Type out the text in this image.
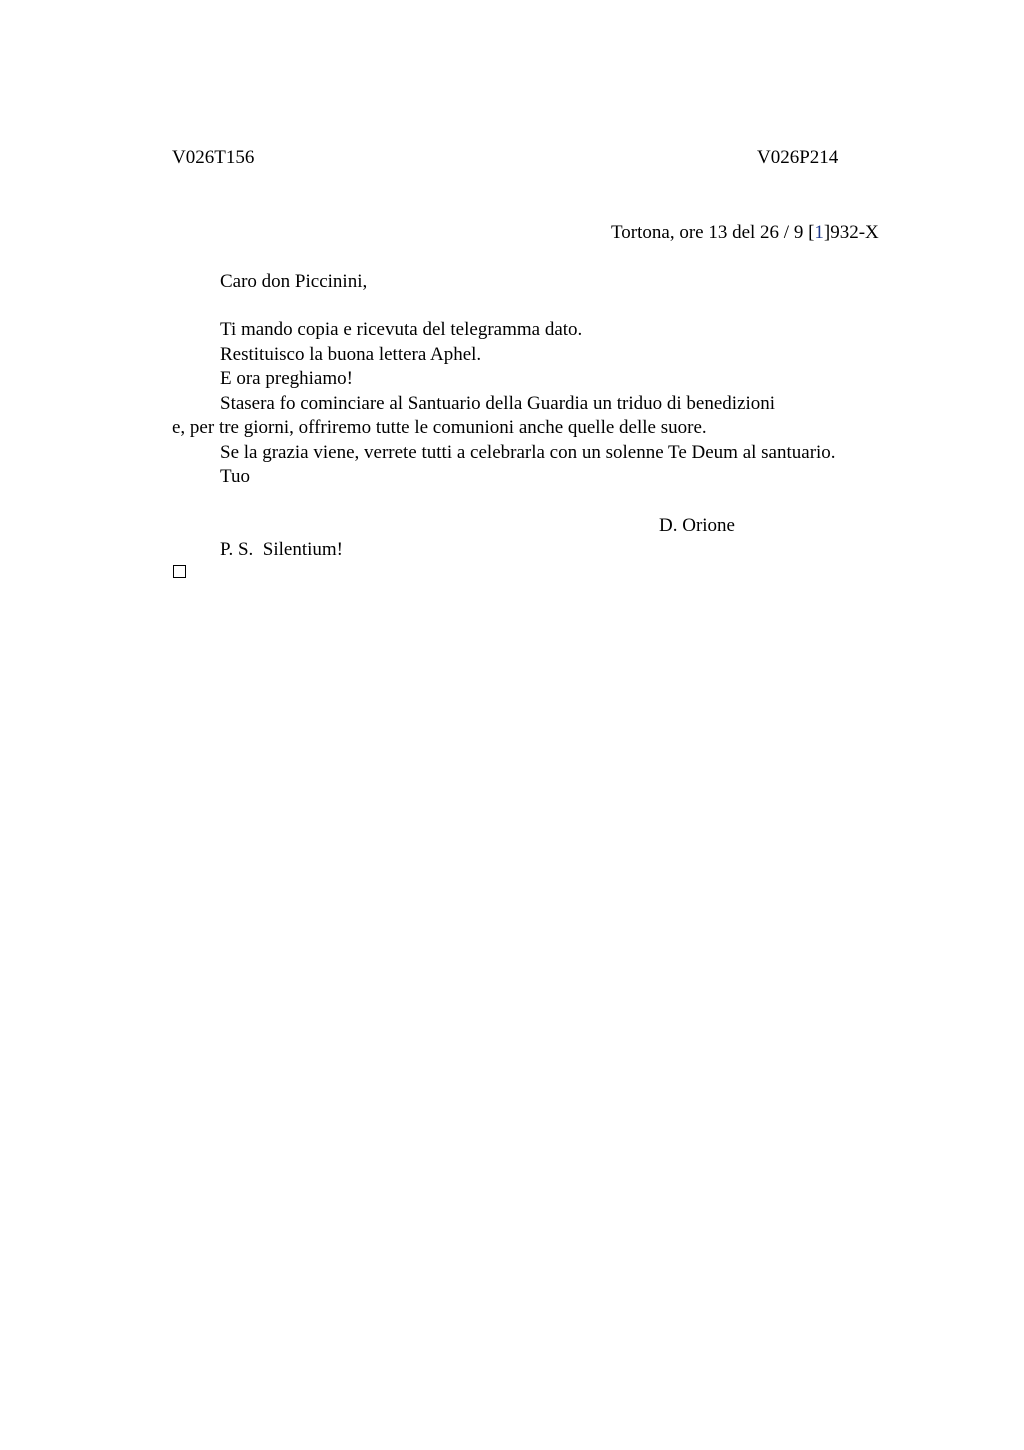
V026T156	V026P214
Tortona, ore 13 del 26 / 9 [1]932-X
Caro don Piccinini,
Ti mando copia e ricevuta del telegramma dato.
Restituisco la buona lettera Aphel.
E ora preghiamo!
Stasera fo cominciare al Santuario della Guardia un triduo di benedizioni
e, per tre giorni, offriremo tutte le comunioni anche quelle delle suore.
Se la grazia viene, verrete tutti a celebrarla con un solenne Te Deum al santuario.
Tuo
D. Orione
P. S.  Silentium!
